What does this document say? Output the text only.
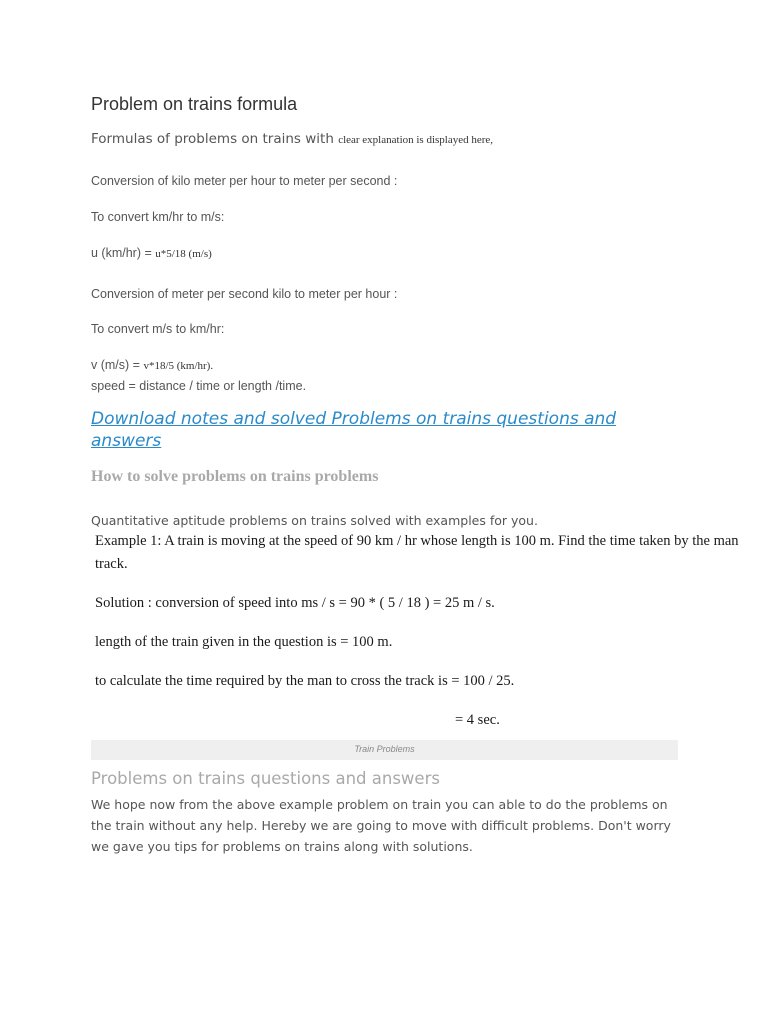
Problem on trains formula
Formulas of problems on trains with clear explanation is displayed here,
Conversion of kilo meter per hour to meter per second :
To convert km/hr to m/s:
u (km/hr) = u*5/18 (m/s)
Conversion of meter per second kilo to meter per hour :
To convert m/s to km/hr:
v (m/s) = v*18/5 (km/hr).
speed = distance / time or length /time.
Download notes and solved Problems on trains questions and answers
How to solve problems on trains problems
Quantitative aptitude problems on trains solved with examples for you.
Example 1: A train is moving at the speed of 90 km / hr whose length is 100 m. Find the time taken by the man
track.
Solution : conversion of speed into ms / s = 90 * ( 5 / 18 ) = 25 m / s.
length of the train given in the question is = 100 m.
to calculate the time required by the man to cross the track is = 100 / 25.
= 4 sec.
Train Problems
Problems on trains questions and answers
We hope now from the above example problem on train you can able to do the problems on the train without any help. Hereby we are going to move with difficult problems. Don't worry we gave you tips for problems on trains along with solutions.
